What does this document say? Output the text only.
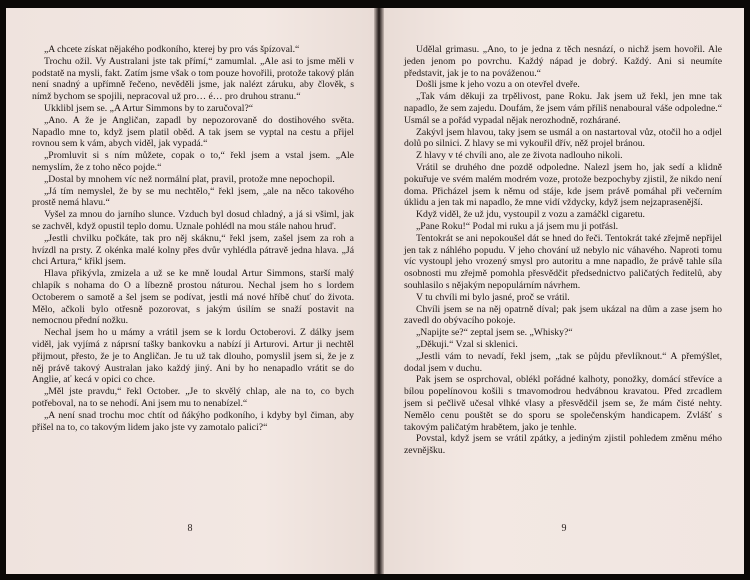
„A chcete získat nějakého podkoního, kterej by pro vás špízoval.“

Trochu ožil. Vy Australani jste tak přímí,“ zamumlal. „Ale asi to jsme měli v podstatě na mysli, fakt. Zatím jsme však o tom pouze hovořili, protože takový plán není snadný a upřímně řečeno, nevěděli jsme, jak nalézt záruku, aby člověk, s nímž bychom se spojili, nepracoval už pro… é… pro druhou stranu.“

Ukklibl jsem se. „A Artur Simmons by to zaručoval?“

„Ano. A že je Angličan, zapadl by nepozorovaně do dostihového světa. Napadlo mne to, když jsem platil oběd. A tak jsem se vyptal na cestu a přijel rovnou sem k vám, abych viděl, jak vypadá.“

„Promluvit si s ním můžete, copak o to,“ řekl jsem a vstal jsem. „Ale nemyslím, že z toho něco pojde.“

„Dostal by mnohem víc než normální plat, pravil, protože mne nepochopil.

„Já tím nemyslel, že by se mu nechtělo,“ řekl jsem, „ale na něco takového prostě nemá hlavu.“

Vyšel za mnou do jarního slunce. Vzduch byl dosud chladný, a já si všiml, jak se zachvěl, když opustil teplo domu. Uznale pohlédl na mou stále nahou hruď.

„Jestli chvilku počkáte, tak pro něj skáknu,“ řekl jsem, zašel jsem za roh a hvízdl na prsty. Z okénka malé kolny přes dvůr vyhlédla pátravě jedna hlava. „Já chci Artura,“ křikl jsem.

Hlava přikývla, zmizela a už se ke mně loudal Artur Simmons, starší malý chlapík s nohama do O a líbezně prostou náturou. Nechal jsem ho s lordem Octoberem o samotě a šel jsem se podívat, jestli má nové hříbě chuť do života. Mělo, ačkoli bylo otřesně pozorovat, s jakým úsilím se snaží postavit na nemocnou přední nožku.

Nechal jsem ho u mámy a vrátil jsem se k lordu Octoberovi. Z dálky jsem viděl, jak vyjímá z náprsní tašky bankovku a nabízí ji Arturovi. Artur ji nechtěl přijmout, přesto, že je to Angličan. Je tu už tak dlouho, pomyslil jsem si, že je z něj právě takový Australan jako každý jiný. Ani by ho nenapadlo vrátit se do Anglie, ať kecá v opici co chce.

„Měl jste pravdu,“ řekl October. „Je to skvělý chlap, ale na to, co bych potřeboval, na to se nehodí. Ani jsem mu to nenabízel.“

„A není snad trochu moc chtít od ňákýho podkoního, i kdyby byl čiman, aby přišel na to, co takovým lidem jako jste vy zamotalo palici?“

8

Udělal grimasu. „Ano, to je jedna z těch nesnází, o nichž jsem hovořil. Ale jeden jenom po povrchu. Každý nápad je dobrý. Každý. Ani si neumíte představit, jak je to na pováženou.“

Došli jsme k jeho vozu a on otevřel dveře.

„Tak vám děkuji za trpělivost, pane Roku. Jak jsem už řekl, jen mne tak napadlo, že sem zajedu. Doufám, že jsem vám příliš nenaboural váše odpoledne.“ Usmál se a pořád vypadal nějak nerozhodně, rozhárané.

Zakývl jsem hlavou, taky jsem se usmál a on nastartoval vůz, otočil ho a odjel dolů po silnici. Z hlavy se mi vykouřil dřív, něž projel bránou.

Z hlavy v té chvíli ano, ale ze života nadlouho nikoli.

Vrátil se druhého dne pozdě odpoledne. Nalezl jsem ho, jak sedí a klidně pokuřuje ve svém malém modrém voze, protože bezpochyby zjistil, že nikdo není doma. Přicházel jsem k němu od stáje, kde jsem právě pomáhal při večerním úklidu a jen tak mi napadlo, že mne vidí vždycky, když jsem nejzaprasenější.

Když viděl, že už jdu, vystoupil z vozu a zamáčkl cigaretu.

„Pane Roku!“ Podal mi ruku a já jsem mu ji potřásl.

Tentokrát se ani nepokoušel dát se hned do řeči. Tentokrát také zřejmě nepřijel jen tak z náhlého popudu. V jeho chování už nebylo nic váhavého. Naproti tomu víc vystoupl jeho vrozený smysl pro autoritu a mne napadlo, že právě tahle síla osobnosti mu zřejmě pomohla přesvědčit předsednictvo paličatých ředitelů, aby souhlasilo s nějakým nepopulárním návrhem.

V tu chvíli mi bylo jasné, proč se vrátil.

Chvíli jsem se na něj opatrně díval; pak jsem ukázal na dům a zase jsem ho zavedl do obývacího pokoje.

„Napijte se?“ zeptal jsem se. „Whisky?“

„Děkuji.“ Vzal si sklenici.

„Jestli vám to nevadí, řekl jsem, „tak se půjdu převlíknout.“ A přemýšlet, dodal jsem v duchu.

Pak jsem se osprchoval, oblékl pořádné kalhoty, ponožky, domácí střevíce a bílou popelínovou košili s tmavomodrou hedvábnou kravatou. Před zrcadlem jsem si pečlivě učesal vlhké vlasy a přesvědčil jsem se, že mám čisté nehty. Nemělo cenu pouštět se do sporu se společenským handicapem. Zvlášť s takovým paličatým hrabětem, jako je tenhle.

Povstal, když jsem se vrátil zpátky, a jediným zjistil pohledem změnu mého zevnějšku.

9
